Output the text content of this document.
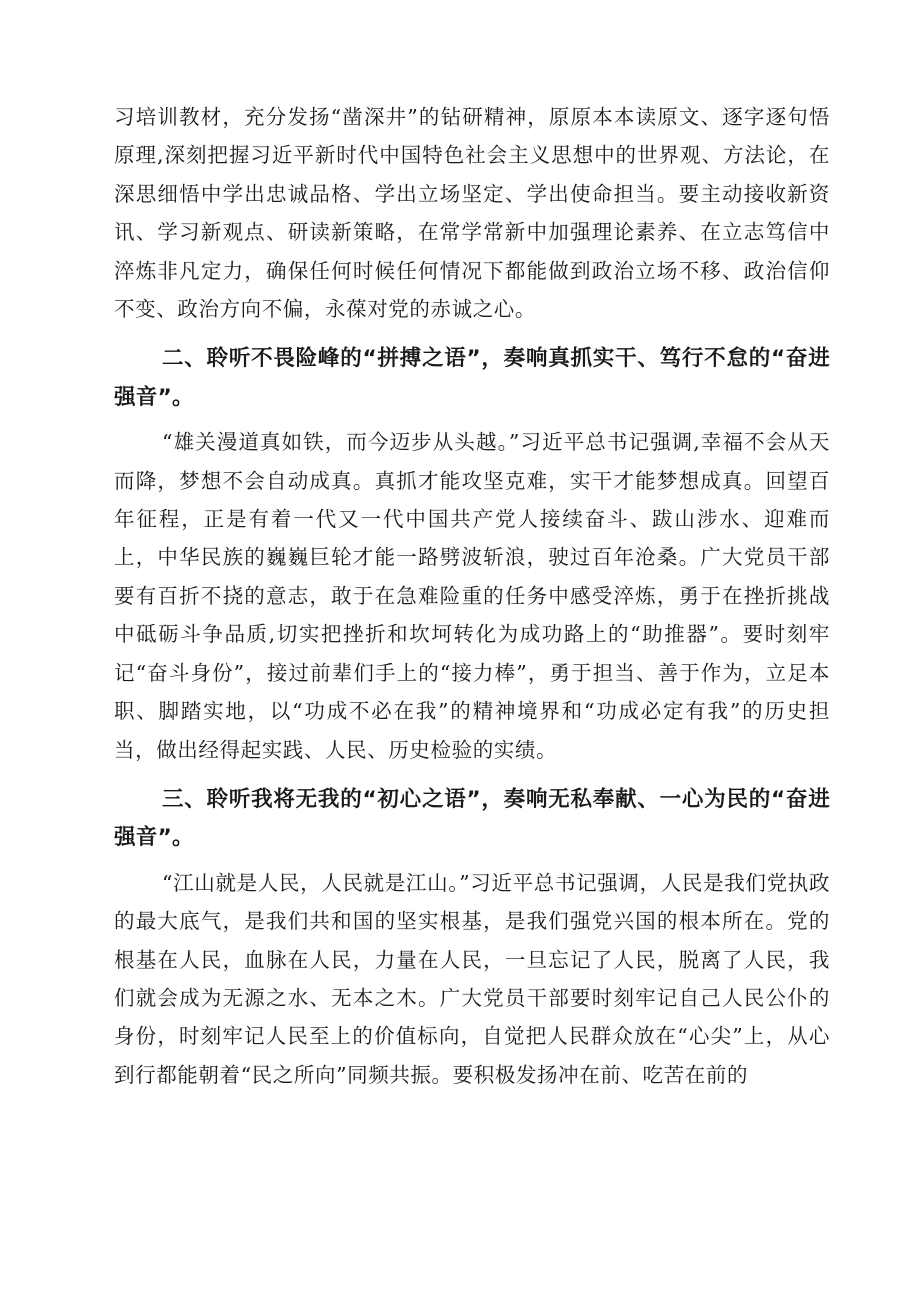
习培训教材，充分发扬“凿深井”的钻研精神，原原本本读原文、逐字逐句悟原理,深刻把握习近平新时代中国特色社会主义思想中的世界观、方法论，在深思细悟中学出忠诚品格、学出立场坚定、学出使命担当。要主动接收新资讯、学习新观点、研读新策略，在常学常新中加强理论素养、在立志笃信中淬炼非凡定力，确保任何时候任何情况下都能做到政治立场不移、政治信仰不变、政治方向不偏，永葆对党的赤诚之心。

二、聆听不畏险峰的“拼搏之语”，奏响真抓实干、笃行不怠的“奋进强音”。

“雄关漫道真如铁，而今迈步从头越。”习近平总书记强调,幸福不会从天而降，梦想不会自动成真。真抓才能攻坚克难，实干才能梦想成真。回望百年征程，正是有着一代又一代中国共产党人接续奋斗、跋山涉水、迎难而上，中华民族的巍巍巨轮才能一路劈波斩浪，驶过百年沧桑。广大党员干部要有百折不挠的意志，敢于在急难险重的任务中感受淬炼，勇于在挫折挑战中砥砺斗争品质,切实把挫折和坎坷转化为成功路上的“助推器”。要时刻牢记“奋斗身份”，接过前辈们手上的“接力棒”，勇于担当、善于作为，立足本职、脚踏实地，以“功成不必在我”的精神境界和“功成必定有我”的历史担当，做出经得起实践、人民、历史检验的实绩。

三、聆听我将无我的“初心之语”，奏响无私奉献、一心为民的“奋进强音”。

“江山就是人民，人民就是江山。”习近平总书记强调，人民是我们党执政的最大底气，是我们共和国的坚实根基，是我们强党兴国的根本所在。党的根基在人民，血脉在人民，力量在人民，一旦忘记了人民，脱离了人民，我们就会成为无源之水、无本之木。广大党员干部要时刻牢记自己人民公仆的身份，时刻牢记人民至上的价值标向，自觉把人民群众放在“心尖”上，从心到行都能朝着“民之所向”同频共振。要积极发扬冲在前、吃苦在前的
